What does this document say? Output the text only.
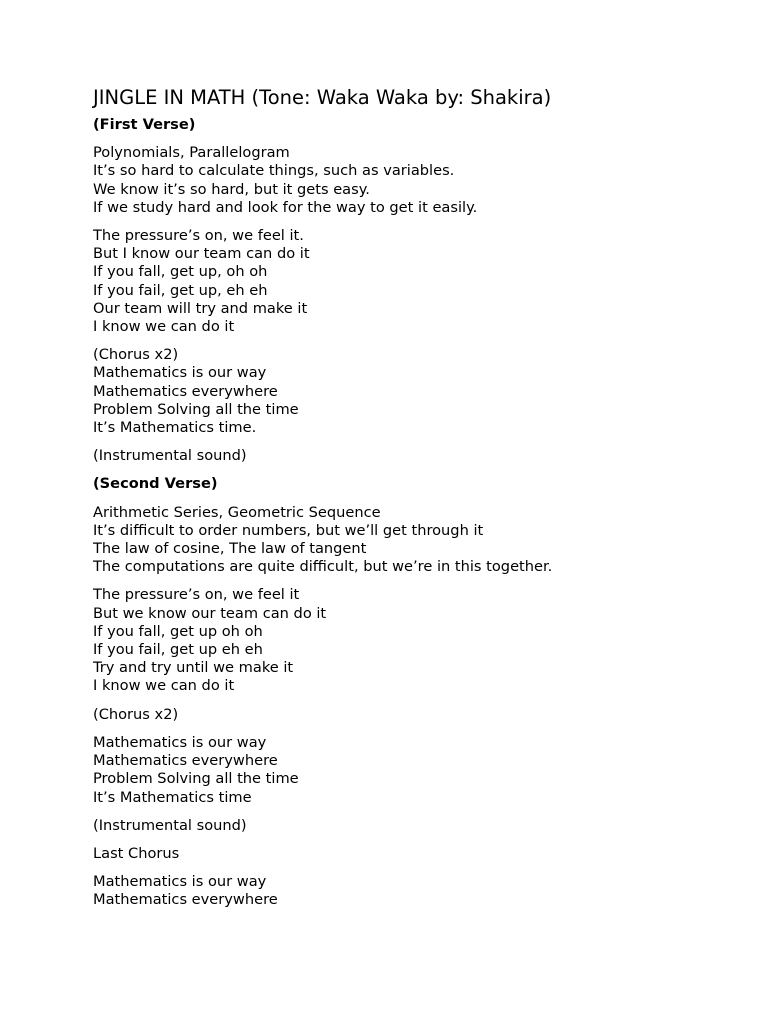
JINGLE IN MATH (Tone: Waka Waka by: Shakira)
(First Verse)
Polynomials, Parallelogram
It’s so hard to calculate things, such as variables.
We know it’s so hard, but it gets easy.
If we study hard and look for the way to get it easily.
The pressure’s on, we feel it.
But I know our team can do it
If you fall, get up, oh oh
If you fail, get up, eh eh
Our team will try and make it
I know we can do it
(Chorus x2)
Mathematics is our way
Mathematics everywhere
Problem Solving all the time
It’s Mathematics time.
(Instrumental sound)
(Second Verse)
Arithmetic Series, Geometric Sequence
It’s difficult to order numbers, but we’ll get through it
The law of cosine, The law of tangent
The computations are quite difficult, but we’re in this together.
The pressure’s on, we feel it
But we know our team can do it
If you fall, get up oh oh
If you fail, get up eh eh
Try and try until we make it
I know we can do it
(Chorus x2)
Mathematics is our way
Mathematics everywhere
Problem Solving all the time
It’s Mathematics time
(Instrumental sound)
Last Chorus
Mathematics is our way
Mathematics everywhere
